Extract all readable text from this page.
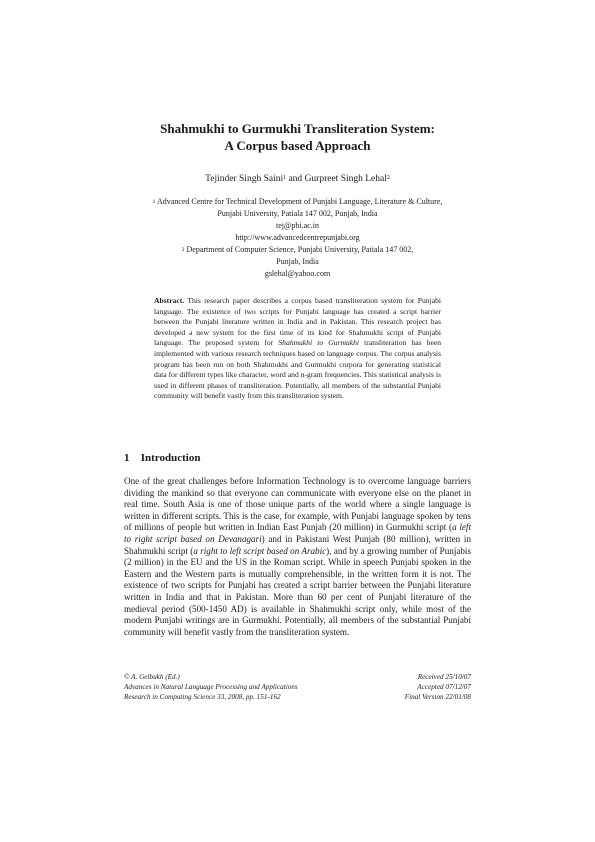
Shahmukhi to Gurmukhi Transliteration System:
A Corpus based Approach
Tejinder Singh Saini$^1$ and Gurpreet Singh Lehal$^2$
$^1$ Advanced Centre for Technical Development of Punjabi Language, Literature & Culture,
Punjabi University, Patiala 147 002, Punjab, India
tej@pbi.ac.in
http://www.advancedcentrepunjabi.org
$^2$ Department of Computer Science, Punjabi University, Patiala 147 002,
Punjab, India
gslehal@yahoo.com
Abstract. This research paper describes a corpus based transliteration system for Punjabi language. The existence of two scripts for Punjabi language has created a script barrier between the Punjabi literature written in India and in Pakistan. This research project has developed a new system for the first time of its kind for Shahmukhi script of Punjabi language. The proposed system for Shahmukhi to Gurmukhi transliteration has been implemented with various research techniques based on language corpus. The corpus analysis program has been run on both Shahmukhi and Gurmukhi corpora for generating statistical data for different types like character, word and n-gram frequencies. This statistical analysis is used in different phases of transliteration. Potentially, all members of the substantial Punjabi community will benefit vastly from this transliteration system.
1 Introduction
One of the great challenges before Information Technology is to overcome language barriers dividing the mankind so that everyone can communicate with everyone else on the planet in real time. South Asia is one of those unique parts of the world where a single language is written in different scripts. This is the case, for example, with Punjabi language spoken by tens of millions of people but written in Indian East Punjab (20 million) in Gurmukhi script (a left to right script based on Devanagari) and in Pakistani West Punjab (80 million), written in Shahmukhi script (a right to left script based on Arabic), and by a growing number of Punjabis (2 million) in the EU and the US in the Roman script. While in speech Punjabi spoken in the Eastern and the Western parts is mutually comprehensible, in the written form it is not. The existence of two scripts for Punjabi has created a script barrier between the Punjabi literature written in India and that in Pakistan. More than 60 per cent of Punjabi literature of the medieval period (500-1450 AD) is available in Shahmukhi script only, while most of the modern Punjabi writings are in Gurmukhi. Potentially, all members of the substantial Punjabi community will benefit vastly from the transliteration system.
© A. Gelbukh (Ed.)	Received 25/10/07
Advances in Natural Language Processing and Applications	Accepted 07/12/07
Research in Computing Science 33, 2008, pp. 151-162	Final Version 22/01/08
